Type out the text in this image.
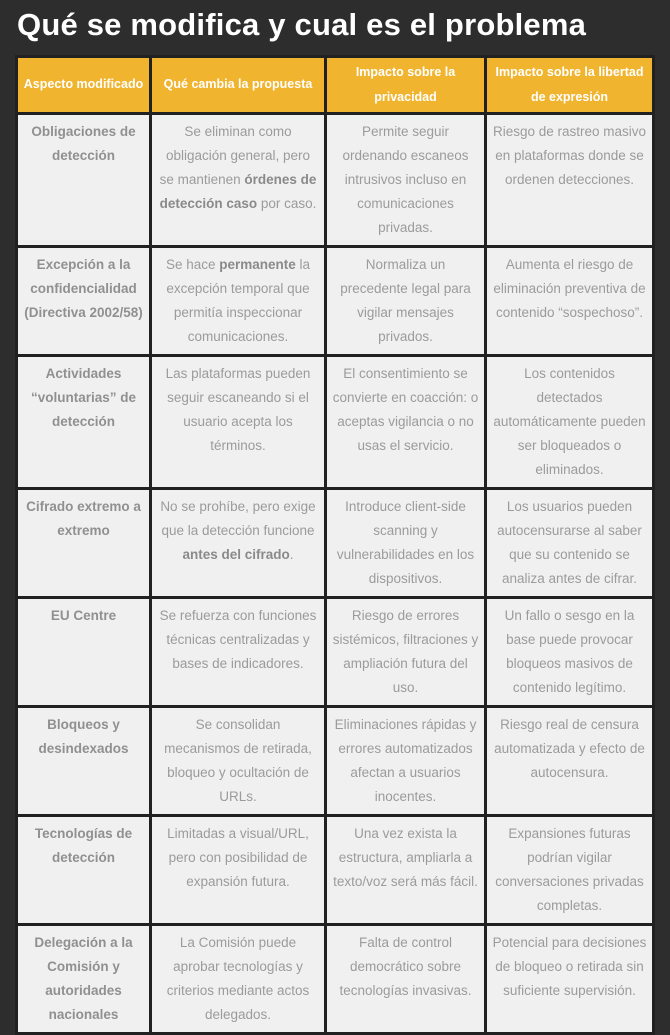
Qué se modifica y cual es el problema
Aspecto modificado	Qué cambia la propuesta	Impacto sobre la privacidad	Impacto sobre la libertad de expresión
Obligaciones de detección	Se eliminan como obligación general, pero se mantienen órdenes de detección caso por caso.	Permite seguir ordenando escaneos intrusivos incluso en comunicaciones privadas.	Riesgo de rastreo masivo en plataformas donde se ordenen detecciones.
Excepción a la confidencialidad (Directiva 2002/58)	Se hace permanente la excepción temporal que permitía inspeccionar comunicaciones.	Normaliza un precedente legal para vigilar mensajes privados.	Aumenta el riesgo de eliminación preventiva de contenido “sospechoso”.
Actividades “voluntarias” de detección	Las plataformas pueden seguir escaneando si el usuario acepta los términos.	El consentimiento se convierte en coacción: o aceptas vigilancia o no usas el servicio.	Los contenidos detectados automáticamente pueden ser bloqueados o eliminados.
Cifrado extremo a extremo	No se prohíbe, pero exige que la detección funcione antes del cifrado.	Introduce client-side scanning y vulnerabilidades en los dispositivos.	Los usuarios pueden autocensurarse al saber que su contenido se analiza antes de cifrar.
EU Centre	Se refuerza con funciones técnicas centralizadas y bases de indicadores.	Riesgo de errores sistémicos, filtraciones y ampliación futura del uso.	Un fallo o sesgo en la base puede provocar bloqueos masivos de contenido legítimo.
Bloqueos y desindexados	Se consolidan mecanismos de retirada, bloqueo y ocultación de URLs.	Eliminaciones rápidas y errores automatizados afectan a usuarios inocentes.	Riesgo real de censura automatizada y efecto de autocensura.
Tecnologías de detección	Limitadas a visual/URL, pero con posibilidad de expansión futura.	Una vez exista la estructura, ampliarla a texto/voz será más fácil.	Expansiones futuras podrían vigilar conversaciones privadas completas.
Delegación a la Comisión y autoridades nacionales	La Comisión puede aprobar tecnologías y criterios mediante actos delegados.	Falta de control democrático sobre tecnologías invasivas.	Potencial para decisiones de bloqueo o retirada sin suficiente supervisión.
